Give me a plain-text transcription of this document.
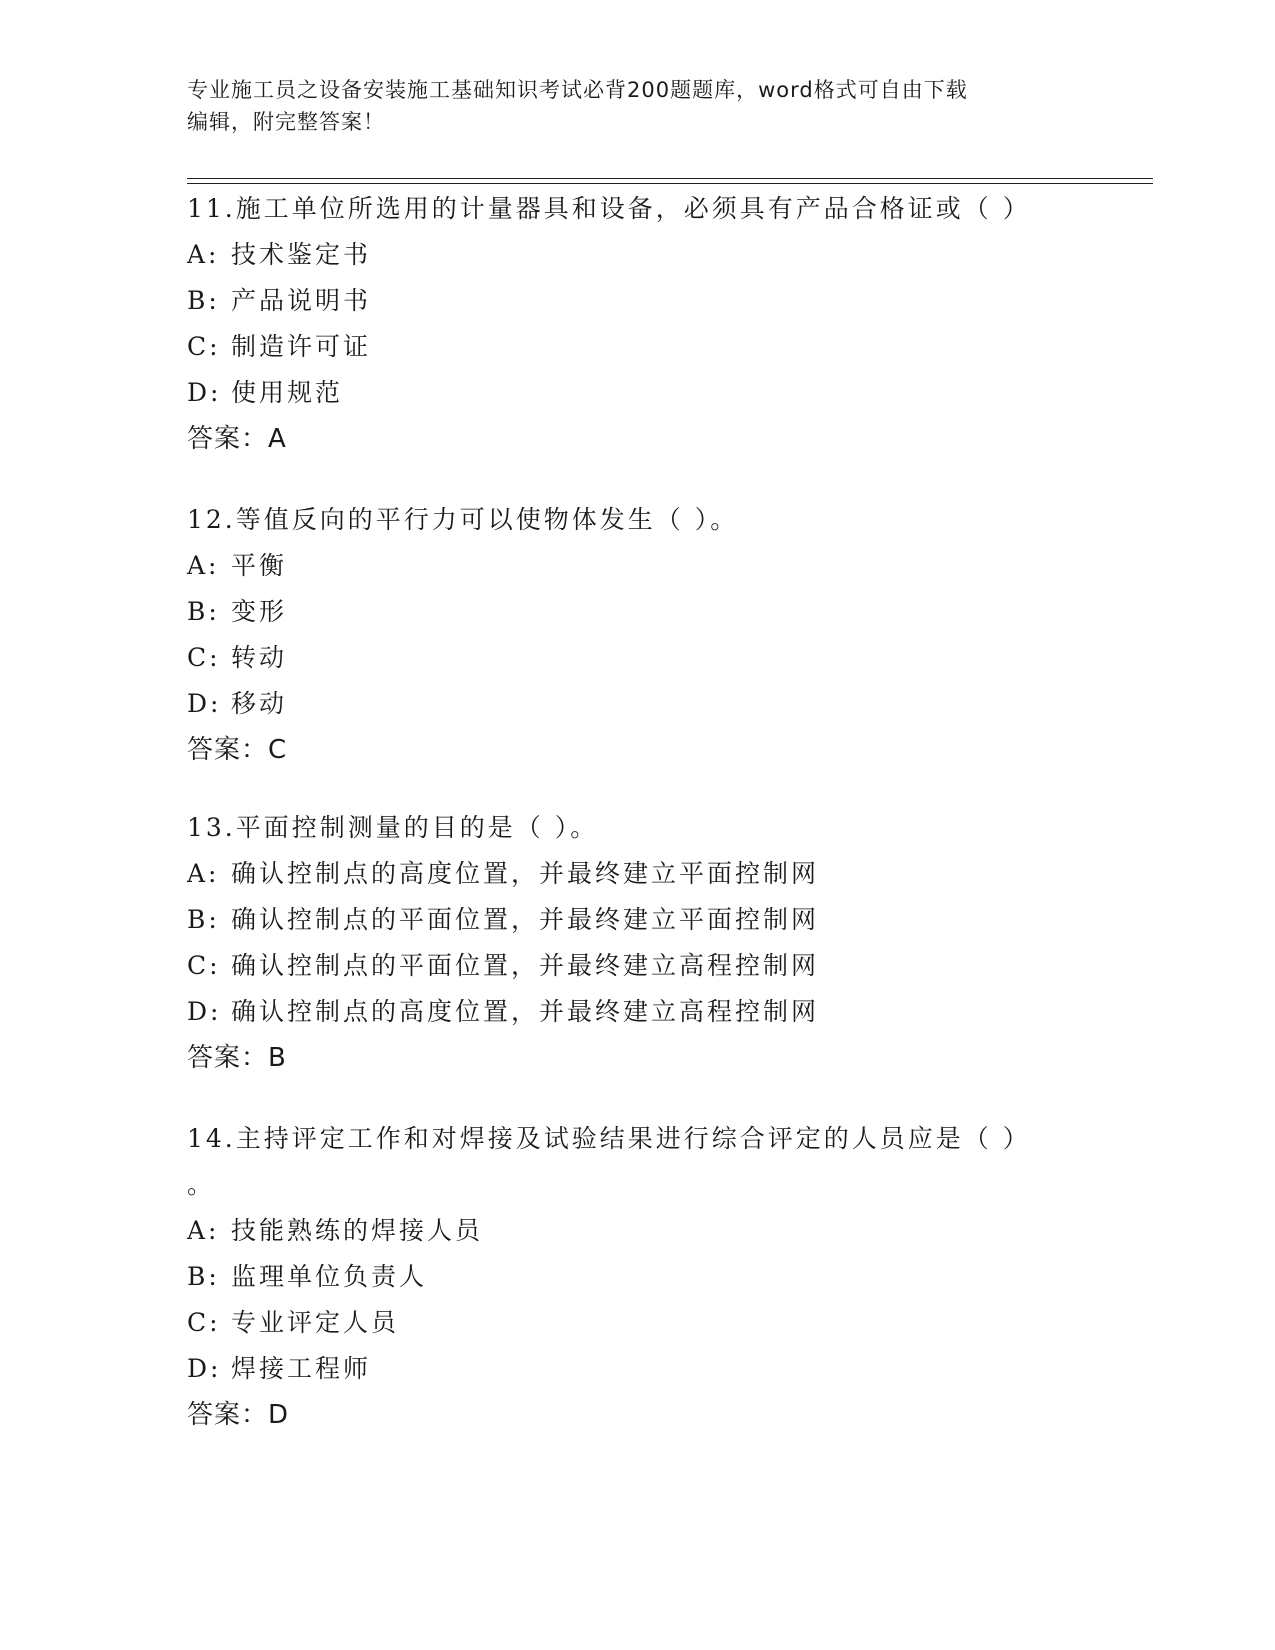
专业施工员之设备安装施工基础知识考试必背200题题库，word格式可自由下载
编辑，附完整答案！
11.施工单位所选用的计量器具和设备，必须具有产品合格证或（ ）
A: 技术鉴定书
B: 产品说明书
C: 制造许可证
D: 使用规范
答案：A
12.等值反向的平行力可以使物体发生（ ）。
A: 平衡
B: 变形
C: 转动
D: 移动
答案：C
13.平面控制测量的目的是（ ）。
A: 确认控制点的高度位置，并最终建立平面控制网
B: 确认控制点的平面位置，并最终建立平面控制网
C: 确认控制点的平面位置，并最终建立高程控制网
D: 确认控制点的高度位置，并最终建立高程控制网
答案：B
14.主持评定工作和对焊接及试验结果进行综合评定的人员应是（ ）
。
A: 技能熟练的焊接人员
B: 监理单位负责人
C: 专业评定人员
D: 焊接工程师
答案：D
